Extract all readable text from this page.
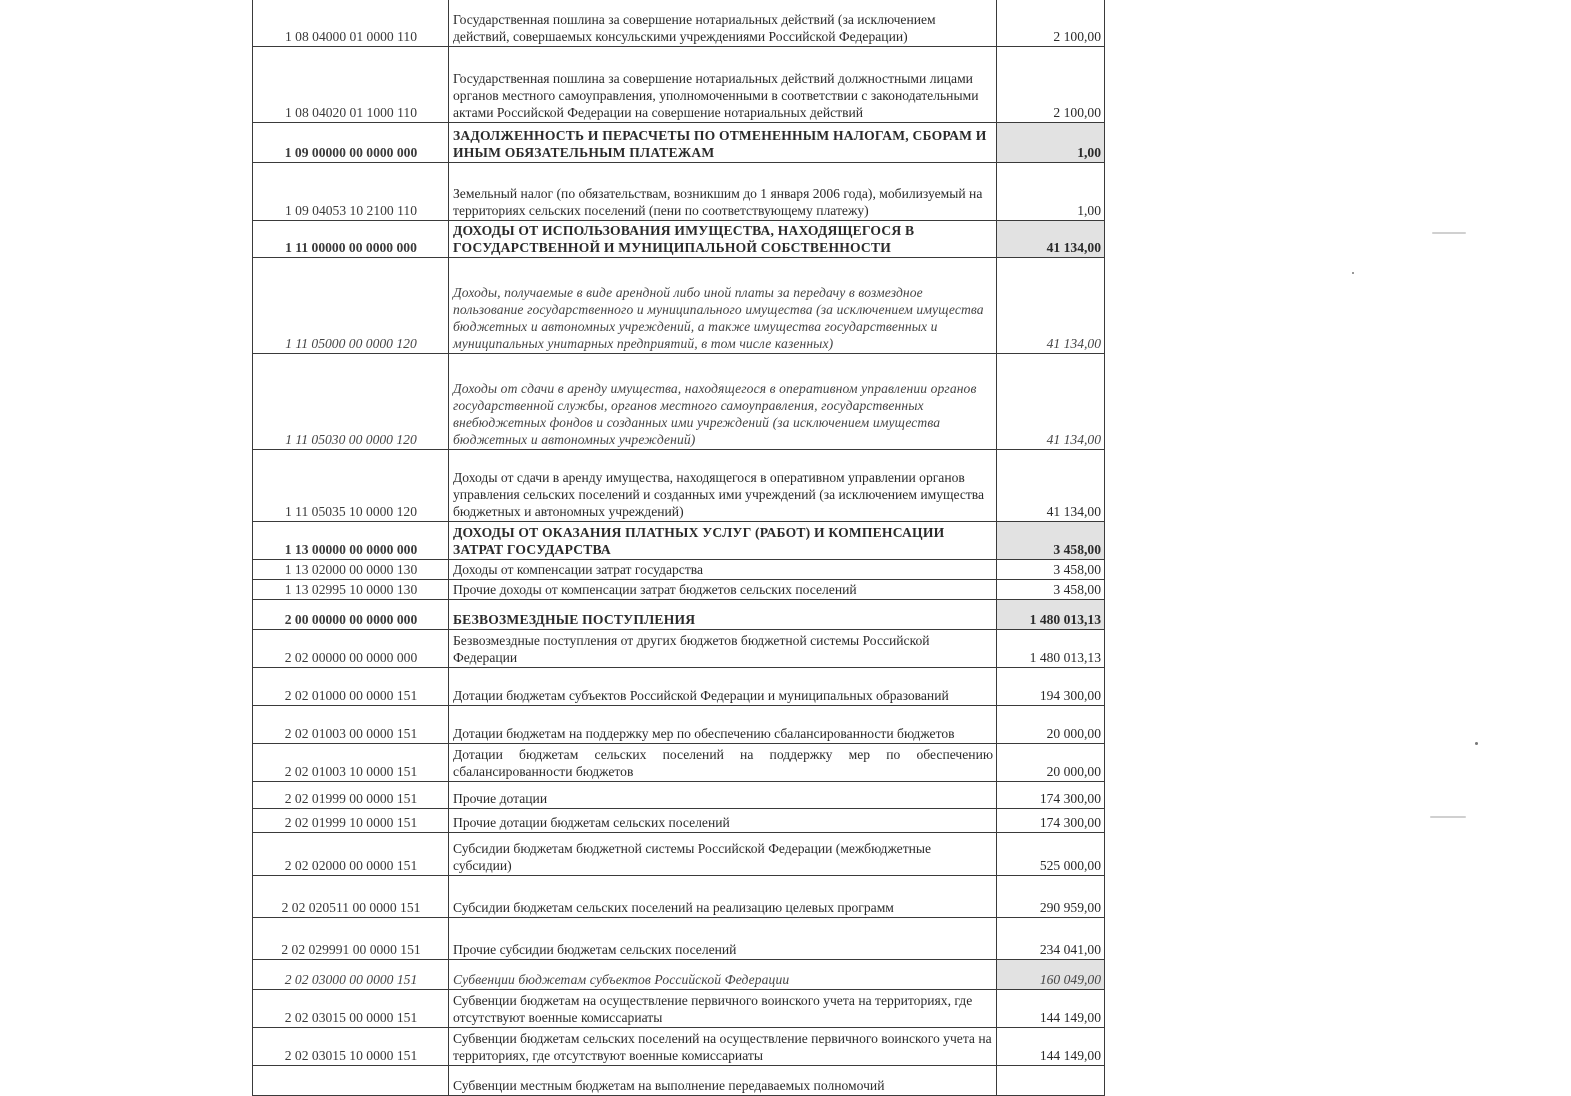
1 08 04000 01 0000 110	Государственная пошлина за совершение нотариальных действий (за исключением действий, совершаемых консульскими учреждениями Российской Федерации)	2 100,00
1 08 04020 01 1000 110	Государственная пошлина за совершение нотариальных действий должностными лицами органов местного самоуправления, уполномоченными в соответствии с законодательными актами Российской Федерации на совершение нотариальных действий	2 100,00
1 09 00000 00 0000 000	ЗАДОЛЖЕННОСТЬ И ПЕРАСЧЕТЫ ПО ОТМЕНЕННЫМ НАЛОГАМ, СБОРАМ И ИНЫМ ОБЯЗАТЕЛЬНЫМ ПЛАТЕЖАМ	1,00
1 09 04053 10 2100 110	Земельный налог (по обязательствам, возникшим до 1 января 2006 года), мобилизуемый на территориях сельских поселений (пени по соответствующему платежу)	1,00
1 11 00000 00 0000 000	ДОХОДЫ ОТ ИСПОЛЬЗОВАНИЯ ИМУЩЕСТВА, НАХОДЯЩЕГОСЯ В ГОСУДАРСТВЕННОЙ И МУНИЦИПАЛЬНОЙ СОБСТВЕННОСТИ	41 134,00
1 11 05000 00 0000 120	Доходы, получаемые в виде арендной либо иной платы за передачу в возмездное пользование государственного и муниципального имущества (за исключением имущества бюджетных и автономных учреждений, а также имущества государственных и муниципальных унитарных предприятий, в том числе казенных)	41 134,00
1 11 05030 00 0000 120	Доходы от сдачи в аренду имущества, находящегося в оперативном управлении органов государственной службы, органов местного самоуправления, государственных внебюджетных фондов и созданных ими учреждений (за исключением имущества бюджетных и автономных учреждений)	41 134,00
1 11 05035 10 0000 120	Доходы от сдачи в аренду имущества, находящегося в оперативном управлении органов управления сельских поселений и созданных ими учреждений (за исключением имущества бюджетных и автономных учреждений)	41 134,00
1 13 00000 00 0000 000	ДОХОДЫ ОТ ОКАЗАНИЯ ПЛАТНЫХ УСЛУГ (РАБОТ) И КОМПЕНСАЦИИ ЗАТРАТ ГОСУДАРСТВА	3 458,00
1 13 02000 00 0000 130	Доходы от компенсации затрат государства	3 458,00
1 13 02995 10 0000 130	Прочие доходы от компенсации затрат бюджетов сельских поселений	3 458,00
2 00 00000 00 0000 000	БЕЗВОЗМЕЗДНЫЕ ПОСТУПЛЕНИЯ	1 480 013,13
2 02 00000 00 0000 000	Безвозмездные поступления от других бюджетов бюджетной системы Российской Федерации	1 480 013,13
2 02 01000 00 0000 151	Дотации бюджетам субъектов Российской Федерации и муниципальных образований	194 300,00
2 02 01003 00 0000 151	Дотации бюджетам на поддержку мер по обеспечению сбалансированности бюджетов	20 000,00
2 02 01003 10 0000 151	Дотации бюджетам сельских поселений на поддержку мер по обеспечению сбалансированности бюджетов	20 000,00
2 02 01999 00 0000 151	Прочие дотации	174 300,00
2 02 01999 10 0000 151	Прочие дотации бюджетам сельских поселений	174 300,00
2 02 02000 00 0000 151	Субсидии бюджетам бюджетной системы Российской Федерации (межбюджетные субсидии)	525 000,00
2 02 020511 00 0000 151	Субсидии бюджетам сельских поселений на реализацию целевых программ	290 959,00
2 02 029991 00 0000 151	Прочие субсидии бюджетам сельских поселений	234 041,00
2 02 03000 00 0000 151	Субвенции бюджетам субъектов Российской Федерации	160 049,00
2 02 03015 00 0000 151	Субвенции бюджетам на осуществление первичного воинского учета на территориях, где отсутствуют военные комиссариаты	144 149,00
2 02 03015 10 0000 151	Субвенции бюджетам сельских поселений на осуществление первичного воинского учета на территориях, где отсутствуют военные комиссариаты	144 149,00
	Субвенции местным бюджетам на выполнение передаваемых полномочий	
